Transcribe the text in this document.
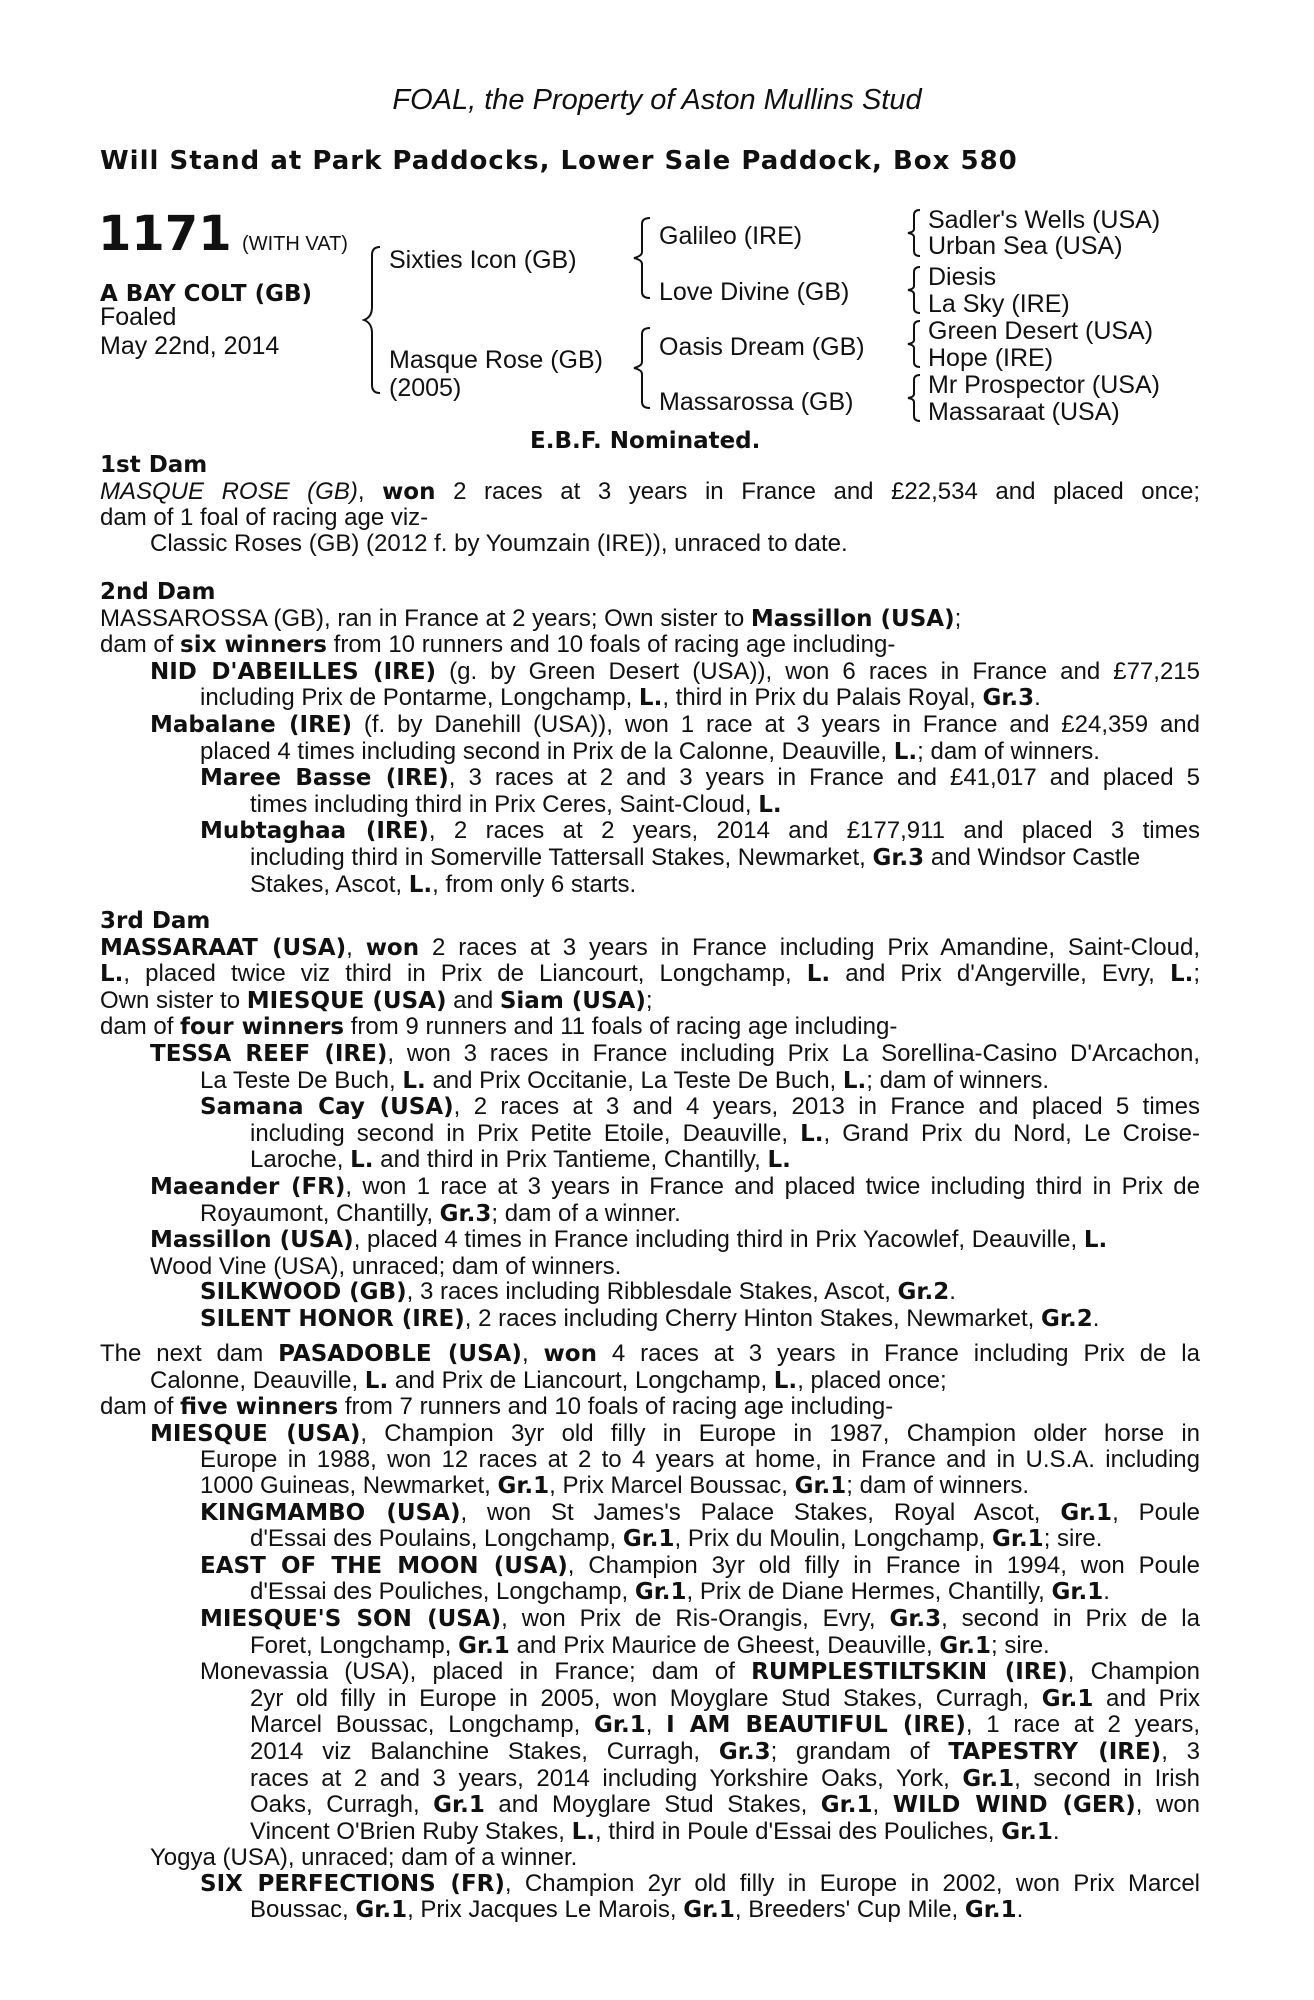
FOAL, the Property of Aston Mullins Stud
Will Stand at Park Paddocks, Lower Sale Paddock, Box 580
1171 (WITH VAT)
A BAY COLT (GB)
Foaled
May 22nd, 2014
Sixties Icon (GB)
Masque Rose (GB)
(2005)
Galileo (IRE)
Love Divine (GB)
Oasis Dream (GB)
Massarossa (GB)
Sadler's Wells (USA)
Urban Sea (USA)
Diesis
La Sky (IRE)
Green Desert (USA)
Hope (IRE)
Mr Prospector (USA)
Massaraat (USA)
E.B.F. Nominated.
1st Dam
MASQUE ROSE (GB), won 2 races at 3 years in France and £22,534 and placed once;
dam of 1 foal of racing age viz-
Classic Roses (GB) (2012 f. by Youmzain (IRE)), unraced to date.
2nd Dam
MASSAROSSA (GB), ran in France at 2 years; Own sister to Massillon (USA);
dam of six winners from 10 runners and 10 foals of racing age including-
NID D'ABEILLES (IRE) (g. by Green Desert (USA)), won 6 races in France and £77,215
including Prix de Pontarme, Longchamp, L., third in Prix du Palais Royal, Gr.3.
Mabalane (IRE) (f. by Danehill (USA)), won 1 race at 3 years in France and £24,359 and
placed 4 times including second in Prix de la Calonne, Deauville, L.; dam of winners.
Maree Basse (IRE), 3 races at 2 and 3 years in France and £41,017 and placed 5
times including third in Prix Ceres, Saint-Cloud, L.
Mubtaghaa (IRE), 2 races at 2 years, 2014 and £177,911 and placed 3 times
including third in Somerville Tattersall Stakes, Newmarket, Gr.3 and Windsor Castle
Stakes, Ascot, L., from only 6 starts.
3rd Dam
MASSARAAT (USA), won 2 races at 3 years in France including Prix Amandine, Saint-Cloud,
L., placed twice viz third in Prix de Liancourt, Longchamp, L. and Prix d'Angerville, Evry, L.;
Own sister to MIESQUE (USA) and Siam (USA);
dam of four winners from 9 runners and 11 foals of racing age including-
TESSA REEF (IRE), won 3 races in France including Prix La Sorellina-Casino D'Arcachon,
La Teste De Buch, L. and Prix Occitanie, La Teste De Buch, L.; dam of winners.
Samana Cay (USA), 2 races at 3 and 4 years, 2013 in France and placed 5 times
including second in Prix Petite Etoile, Deauville, L., Grand Prix du Nord, Le Croise-
Laroche, L. and third in Prix Tantieme, Chantilly, L.
Maeander (FR), won 1 race at 3 years in France and placed twice including third in Prix de
Royaumont, Chantilly, Gr.3; dam of a winner.
Massillon (USA), placed 4 times in France including third in Prix Yacowlef, Deauville, L.
Wood Vine (USA), unraced; dam of winners.
SILKWOOD (GB), 3 races including Ribblesdale Stakes, Ascot, Gr.2.
SILENT HONOR (IRE), 2 races including Cherry Hinton Stakes, Newmarket, Gr.2.
The next dam PASADOBLE (USA), won 4 races at 3 years in France including Prix de la
Calonne, Deauville, L. and Prix de Liancourt, Longchamp, L., placed once;
dam of five winners from 7 runners and 10 foals of racing age including-
MIESQUE (USA), Champion 3yr old filly in Europe in 1987, Champion older horse in
Europe in 1988, won 12 races at 2 to 4 years at home, in France and in U.S.A. including
1000 Guineas, Newmarket, Gr.1, Prix Marcel Boussac, Gr.1; dam of winners.
KINGMAMBO (USA), won St James's Palace Stakes, Royal Ascot, Gr.1, Poule
d'Essai des Poulains, Longchamp, Gr.1, Prix du Moulin, Longchamp, Gr.1; sire.
EAST OF THE MOON (USA), Champion 3yr old filly in France in 1994, won Poule
d'Essai des Pouliches, Longchamp, Gr.1, Prix de Diane Hermes, Chantilly, Gr.1.
MIESQUE'S SON (USA), won Prix de Ris-Orangis, Evry, Gr.3, second in Prix de la
Foret, Longchamp, Gr.1 and Prix Maurice de Gheest, Deauville, Gr.1; sire.
Monevassia (USA), placed in France; dam of RUMPLESTILTSKIN (IRE), Champion
2yr old filly in Europe in 2005, won Moyglare Stud Stakes, Curragh, Gr.1 and Prix
Marcel Boussac, Longchamp, Gr.1, I AM BEAUTIFUL (IRE), 1 race at 2 years,
2014 viz Balanchine Stakes, Curragh, Gr.3; grandam of TAPESTRY (IRE), 3
races at 2 and 3 years, 2014 including Yorkshire Oaks, York, Gr.1, second in Irish
Oaks, Curragh, Gr.1 and Moyglare Stud Stakes, Gr.1, WILD WIND (GER), won
Vincent O'Brien Ruby Stakes, L., third in Poule d'Essai des Pouliches, Gr.1.
Yogya (USA), unraced; dam of a winner.
SIX PERFECTIONS (FR), Champion 2yr old filly in Europe in 2002, won Prix Marcel
Boussac, Gr.1, Prix Jacques Le Marois, Gr.1, Breeders' Cup Mile, Gr.1.
